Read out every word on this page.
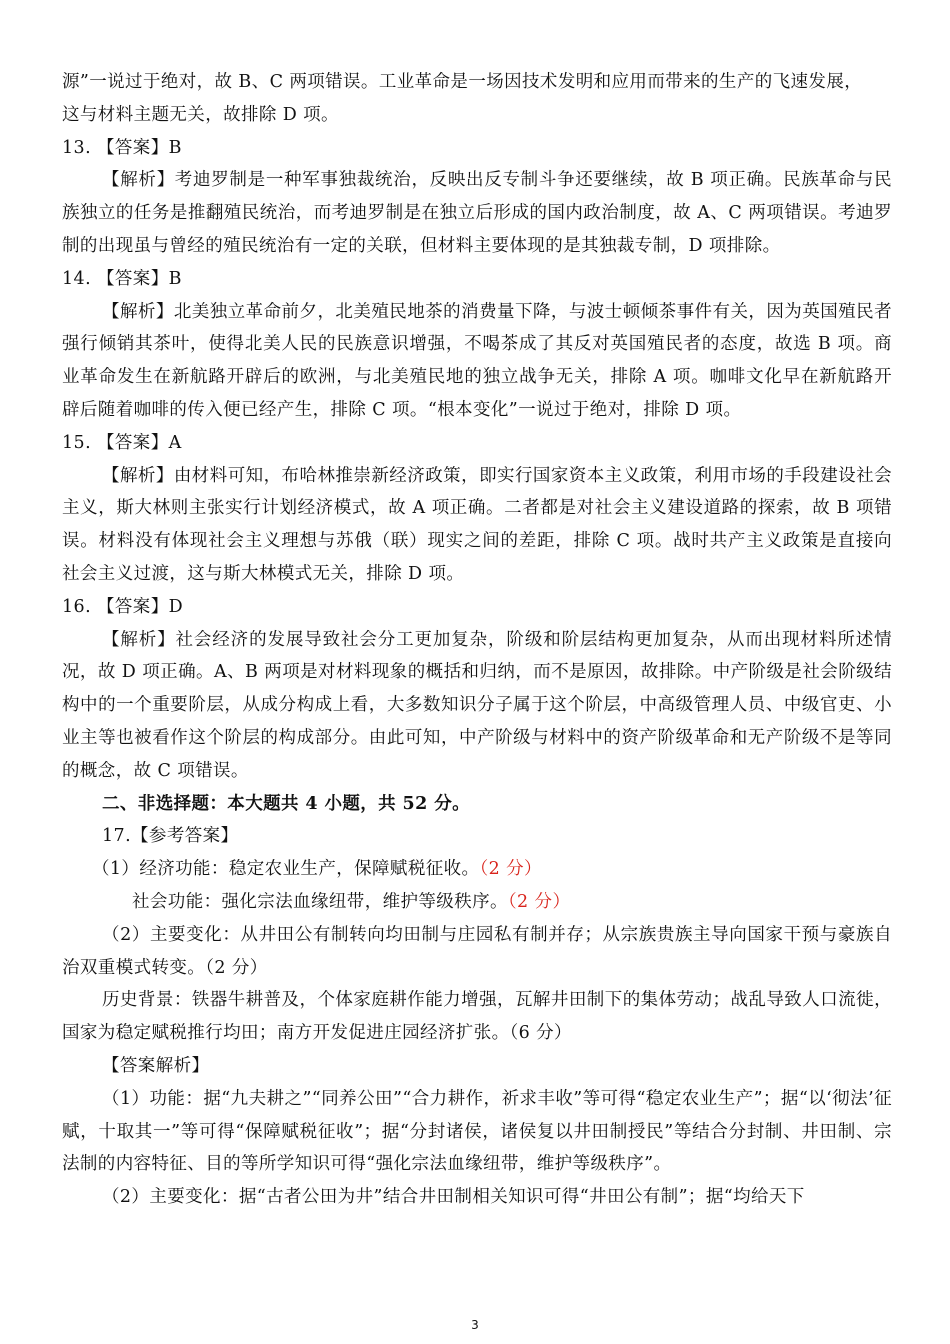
源”一说过于绝对，故 B、C 两项错误。工业革命是一场因技术发明和应用而带来的生产的飞速发展，

这与材料主题无关，故排除 D 项。

13. 【答案】B

【解析】考迪罗制是一种军事独裁统治，反映出反专制斗争还要继续，故 B 项正确。民族革命与民族独立的任务是推翻殖民统治，而考迪罗制是在独立后形成的国内政治制度，故 A、C 两项错误。考迪罗制的出现虽与曾经的殖民统治有一定的关联，但材料主要体现的是其独裁专制，D 项排除。

14. 【答案】B

【解析】北美独立革命前夕，北美殖民地茶的消费量下降，与波士顿倾茶事件有关，因为英国殖民者强行倾销其茶叶，使得北美人民的民族意识增强，不喝茶成了其反对英国殖民者的态度，故选 B 项。商业革命发生在新航路开辟后的欧洲，与北美殖民地的独立战争无关，排除 A 项。咖啡文化早在新航路开辟后随着咖啡的传入便已经产生，排除 C 项。“根本变化”一说过于绝对，排除 D 项。

15. 【答案】A

【解析】由材料可知，布哈林推崇新经济政策，即实行国家资本主义政策，利用市场的手段建设社会主义，斯大林则主张实行计划经济模式，故 A 项正确。二者都是对社会主义建设道路的探索，故 B 项错误。材料没有体现社会主义理想与苏俄（联）现实之间的差距，排除 C 项。战时共产主义政策是直接向社会主义过渡，这与斯大林模式无关，排除 D 项。

16. 【答案】D

【解析】社会经济的发展导致社会分工更加复杂，阶级和阶层结构更加复杂，从而出现材料所述情况，故 D 项正确。A、B 两项是对材料现象的概括和归纳，而不是原因，故排除。中产阶级是社会阶级结构中的一个重要阶层，从成分构成上看，大多数知识分子属于这个阶层，中高级管理人员、中级官吏、小业主等也被看作这个阶层的构成部分。由此可知，中产阶级与材料中的资产阶级革命和无产阶级不是等同的概念，故 C 项错误。

二、非选择题：本大题共 4 小题，共 52 分。

17.【参考答案】

（1）经济功能：稳定农业生产，保障赋税征收。（2 分）

社会功能：强化宗法血缘纽带，维护等级秩序。（2 分）

（2）主要变化：从井田公有制转向均田制与庄园私有制并存；从宗族贵族主导向国家干预与豪族自治双重模式转变。（2 分）

历史背景：铁器牛耕普及，个体家庭耕作能力增强，瓦解井田制下的集体劳动；战乱导致人口流徙，国家为稳定赋税推行均田；南方开发促进庄园经济扩张。（6 分）

【答案解析】

（1）功能：据“九夫耕之”“同养公田”“合力耕作，祈求丰收”等可得“稳定农业生产”；据“以‘彻法’征赋，十取其一”等可得“保障赋税征收”；据“分封诸侯，诸侯复以井田制授民”等结合分封制、井田制、宗法制的内容特征、目的等所学知识可得“强化宗法血缘纽带，维护等级秩序”。

（2）主要变化：据“古者公田为井”结合井田制相关知识可得“井田公有制”；据“均给天下

3
